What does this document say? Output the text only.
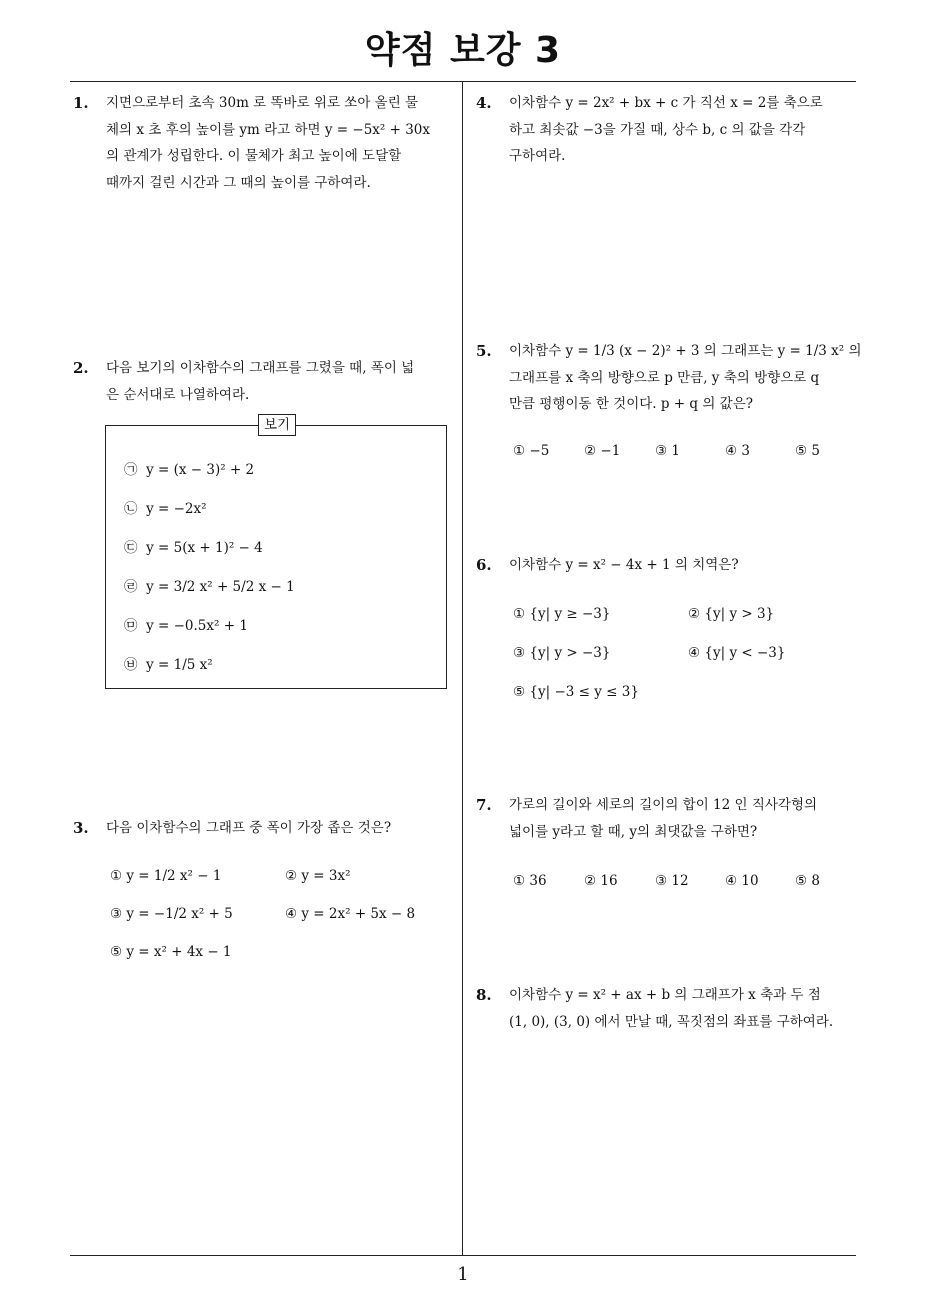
약점 보강 3
1
1. 지면으로부터 초속 30m 로 똑바로 위로 쏘아 올린 물
체의 x 초 후의 높이를 ym 라고 하면 y = −5x² + 30x
의 관계가 성립한다. 이 물체가 최고 높이에 도달할
때까지 걸린 시간과 그 때의 높이를 구하여라.
2. 다음 보기의 이차함수의 그래프를 그렸을 때, 폭이 넓
은 순서대로 나열하여라.
보기
㉠ y = (x − 3)² + 2
㉡ y = −2x²
㉢ y = 5(x + 1)² − 4
㉣ y = 3/2 x² + 5/2 x − 1
㉤ y = −0.5x² + 1
㉥ y = 1/5 x²
3. 다음 이차함수의 그래프 중 폭이 가장 좁은 것은?
① y = 1/2 x² − 1	② y = 3x²
③ y = −1/2 x² + 5	④ y = 2x² + 5x − 8
⑤ y = x² + 4x − 1
4. 이차함수 y = 2x² + bx + c 가 직선 x = 2를 축으로
하고 최솟값 −3을 가질 때, 상수 b, c 의 값을 각각
구하여라.
5. 이차함수 y = 1/3 (x − 2)² + 3 의 그래프는 y = 1/3 x² 의
그래프를 x 축의 방향으로 p 만큼, y 축의 방향으로 q
만큼 평행이동 한 것이다. p + q 의 값은?
① −5	② −1	③ 1	④ 3	⑤ 5
6. 이차함수 y = x² − 4x + 1 의 치역은?
① {y| y ≥ −3}	② {y| y > 3}
③ {y| y > −3}	④ {y| y < −3}
⑤ {y| −3 ≤ y ≤ 3}
7. 가로의 길이와 세로의 길이의 합이 12 인 직사각형의
넓이를 y라고 할 때, y의 최댓값을 구하면?
① 36	② 16	③ 12	④ 10	⑤ 8
8. 이차함수 y = x² + ax + b 의 그래프가 x 축과 두 점
(1, 0), (3, 0) 에서 만날 때, 꼭짓점의 좌표를 구하여라.
